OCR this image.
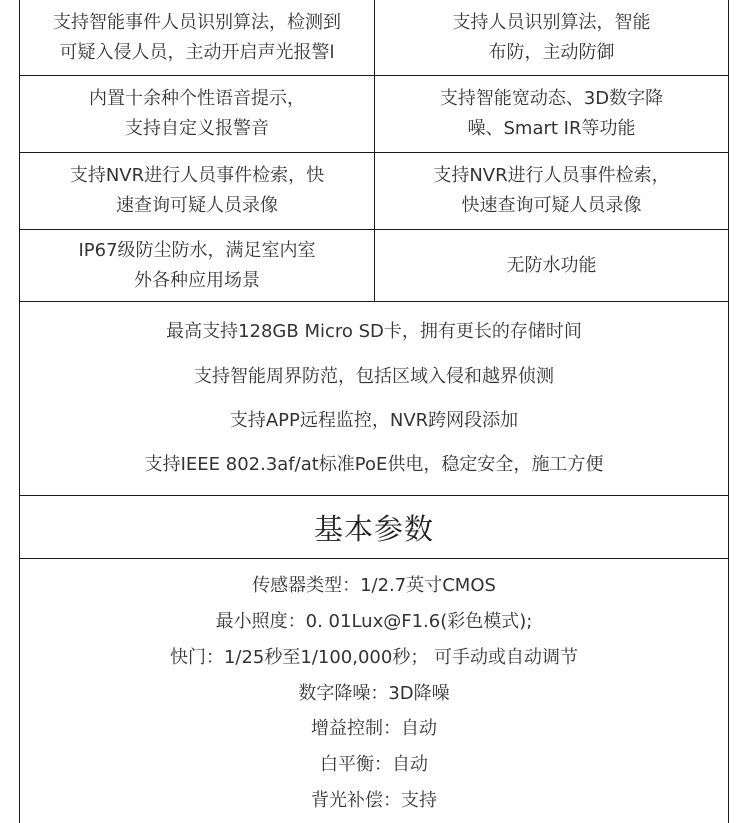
支持智能事件人员识别算法，检测到
可疑入侵人员，主动开启声光报警l
支持人员识别算法，智能
布防，主动防御
内置十余种个性语音提示，
支持自定义报警音
支持智能宽动态、3D数字降
噪、Smart IR等功能
支持NVR进行人员事件检索，快
速查询可疑人员录像
支持NVR进行人员事件检索，
快速查询可疑人员录像
IP67级防尘防水，满足室内室
外各种应用场景
无防水功能
最高支持128GB Micro SD卡，拥有更长的存储时间
支持智能周界防范，包括区域入侵和越界侦测
支持APP远程监控，NVR跨网段添加
支持IEEE 802.3af/at标准PoE供电，稳定安全，施工方便
基本参数
传感器类型：1/2.7英寸CMOS
最小照度：0. 01Lux@F1.6(彩色模式);
快门：1/25秒至1/100,000秒； 可手动或自动调节
数字降噪：3D降噪
增益控制：自动
白平衡：自动
背光补偿：支持
